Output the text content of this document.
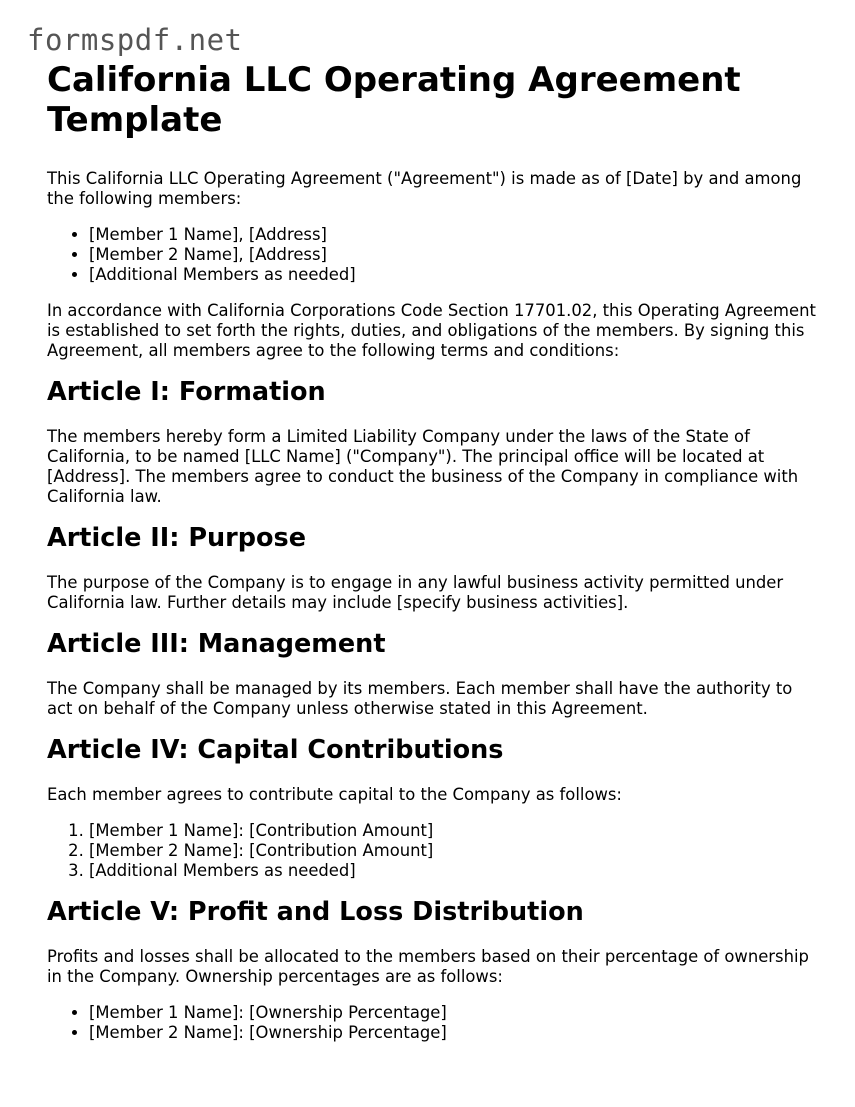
formspdf.net
California LLC Operating Agreement Template

This California LLC Operating Agreement ("Agreement") is made as of [Date] by and among the following members:

• [Member 1 Name], [Address]
• [Member 2 Name], [Address]
• [Additional Members as needed]

In accordance with California Corporations Code Section 17701.02, this Operating Agreement is established to set forth the rights, duties, and obligations of the members. By signing this Agreement, all members agree to the following terms and conditions:

Article I: Formation

The members hereby form a Limited Liability Company under the laws of the State of California, to be named [LLC Name] ("Company"). The principal office will be located at [Address]. The members agree to conduct the business of the Company in compliance with California law.

Article II: Purpose

The purpose of the Company is to engage in any lawful business activity permitted under California law. Further details may include [specify business activities].

Article III: Management

The Company shall be managed by its members. Each member shall have the authority to act on behalf of the Company unless otherwise stated in this Agreement.

Article IV: Capital Contributions

Each member agrees to contribute capital to the Company as follows:

1. [Member 1 Name]: [Contribution Amount]
2. [Member 2 Name]: [Contribution Amount]
3. [Additional Members as needed]
Article V: Profit and Loss Distribution

Profits and losses shall be allocated to the members based on their percentage of ownership in the Company. Ownership percentages are as follows:

• [Member 1 Name]: [Ownership Percentage]
• [Member 2 Name]: [Ownership Percentage]
